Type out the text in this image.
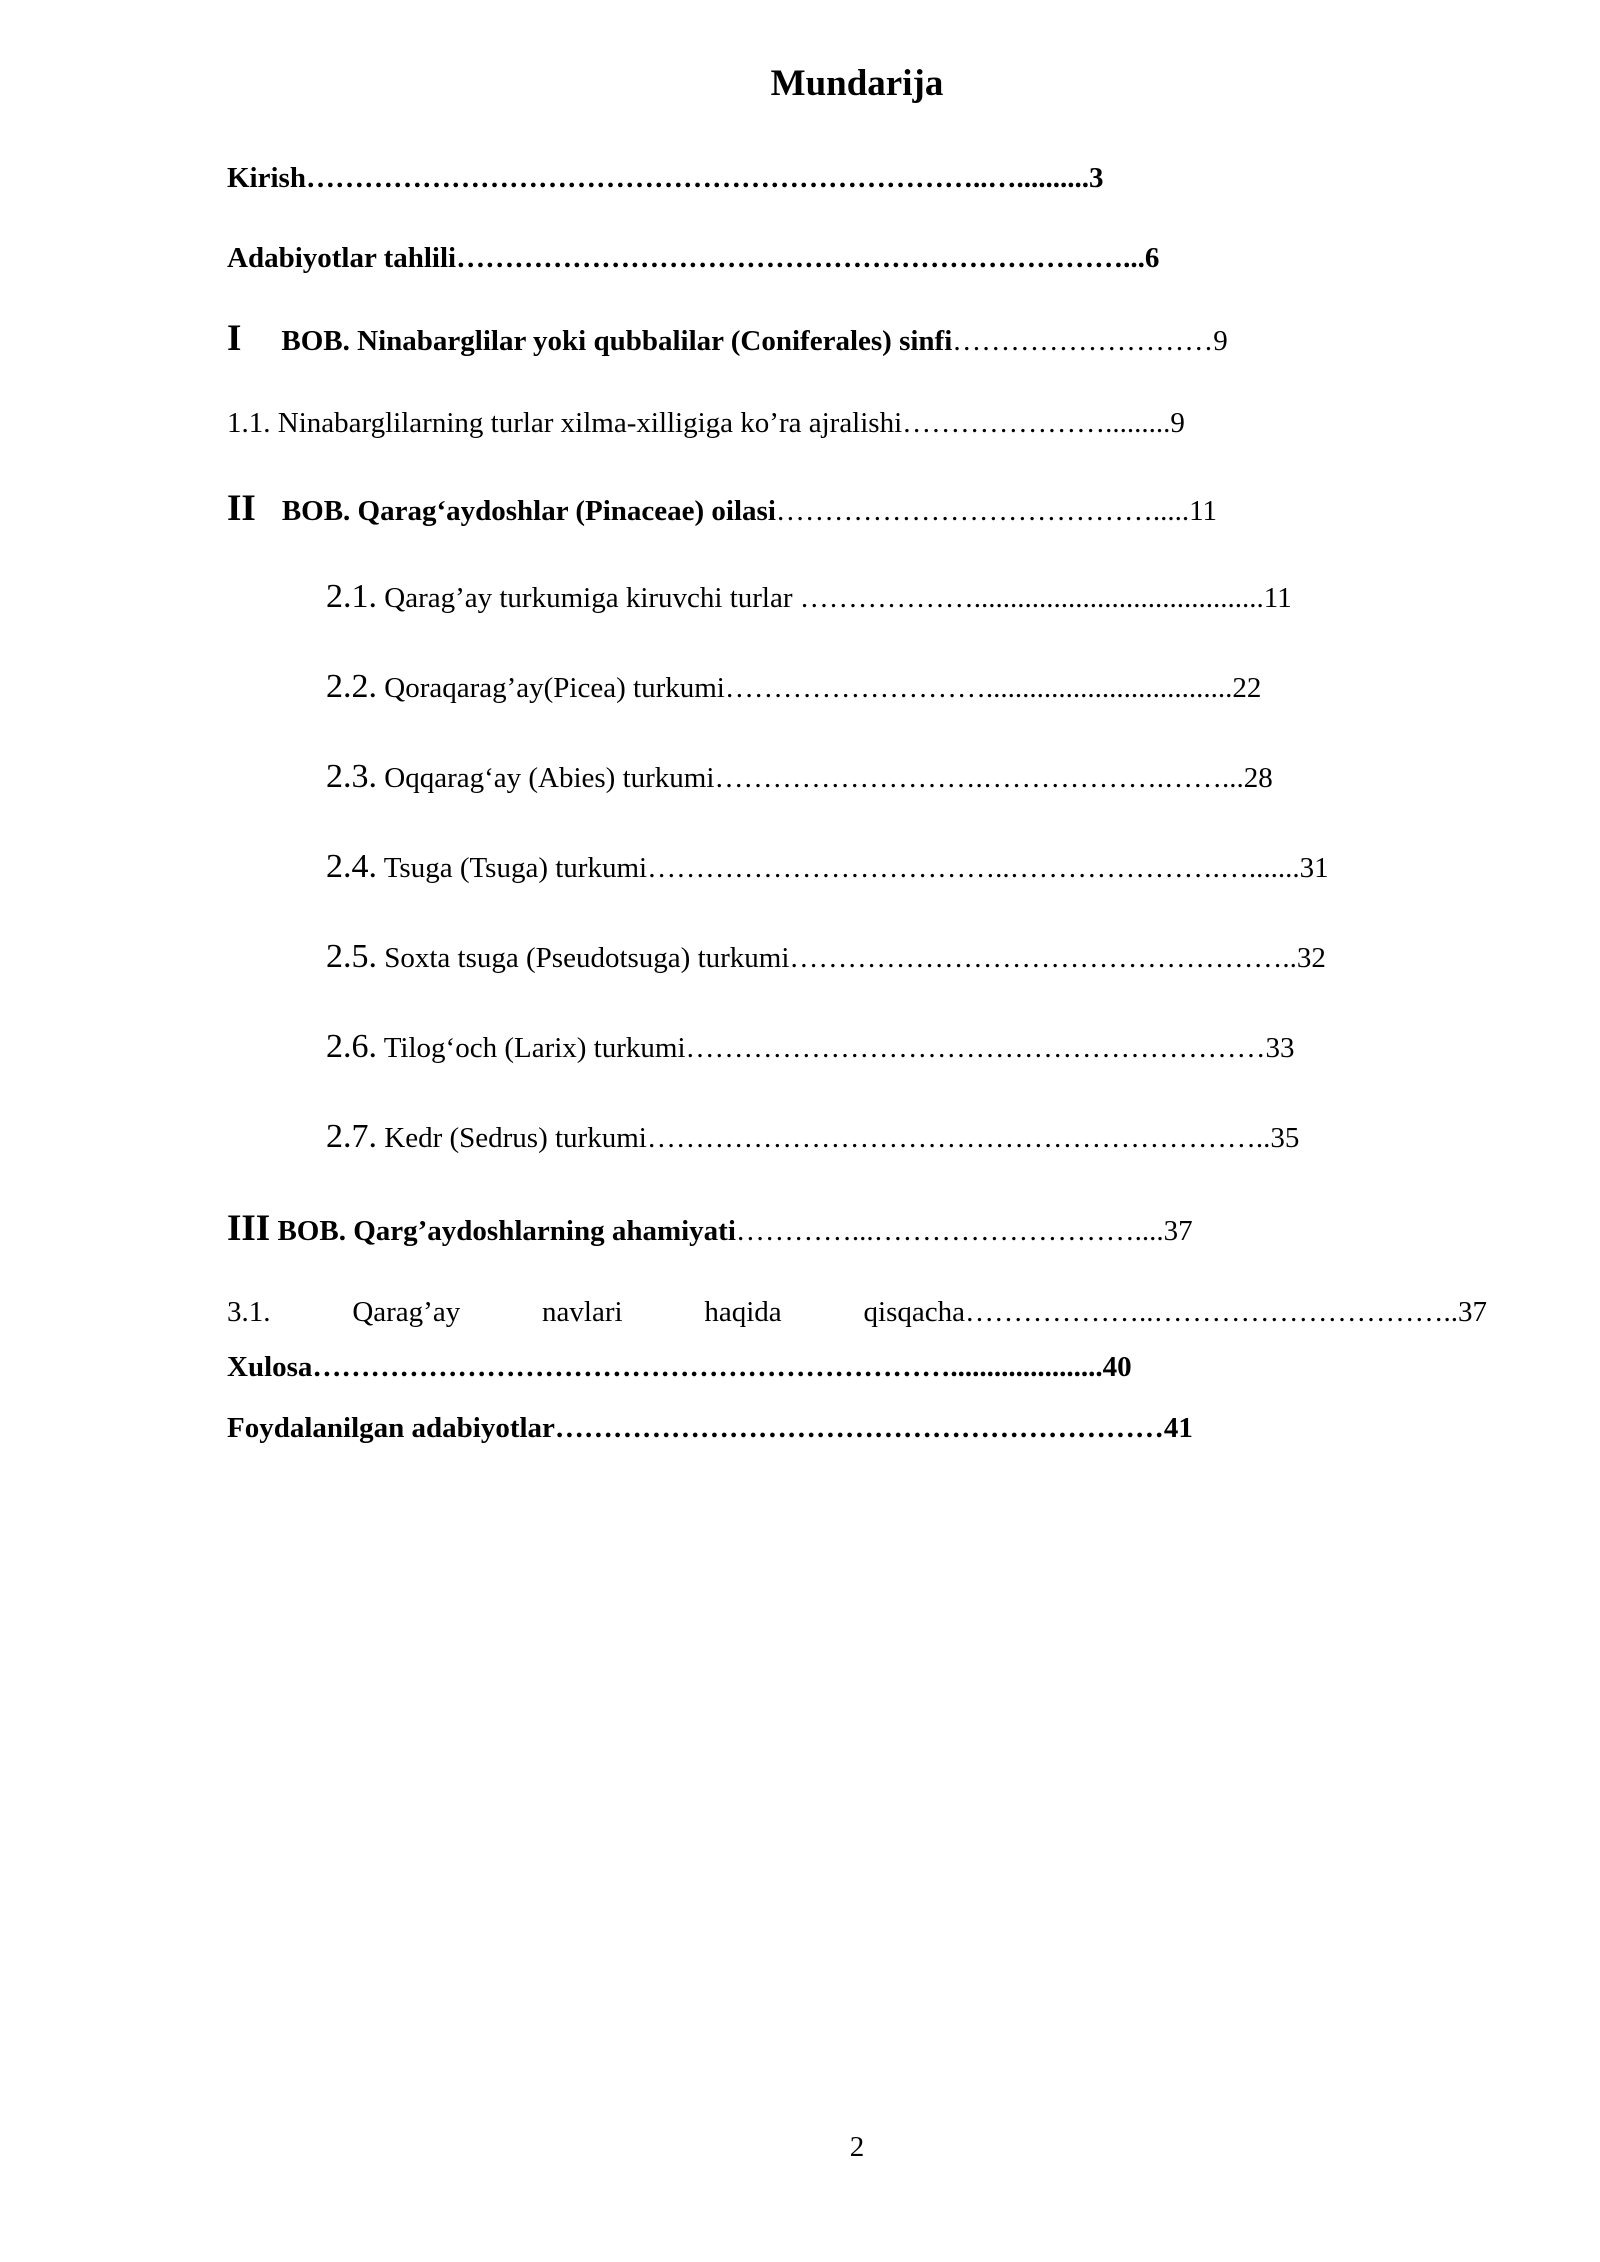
Mundarija
Kirish……………………………………………………………..…..........3
Adabiyotlar tahlili……………………………………………………………...6
I BOB. Ninabarglilar yoki qubbalilar (Coniferales) sinfi………………………9
1.1. Ninabarglilarning turlar xilma-xilligiga ko’ra ajralishi………………….........9
II BOB. Qarag‘aydoshlar (Pinaceae) oilasi………………………………….....11
2.1. Qarag’ay turkumiga kiruvchi turlar ………………........................................11
2.2. Qoraqarag’ay(Picea) turkumi………………………..................................22
2.3. Oqqarag‘ay (Abies) turkumi……………………….……………….……...28
2.4. Tsuga (Tsuga) turkumi………………………………..………………….….......31
2.5. Soxta tsuga (Pseudotsuga) turkumi……………………………………………..32
2.6. Tilog‘och (Larix) turkumi……………………………………………………33
2.7. Kedr (Sedrus) turkumi………………………………………………………..35
III BOB. Qarg’aydoshlarning ahamiyati…………...………………………....37
3.1.	Qarag’ay	navlari	haqida	qisqacha………………..…………………………..37
Xulosa………………………………………………………….....................40
Foydalanilgan adabiyotlar………………………………………………………41
2
